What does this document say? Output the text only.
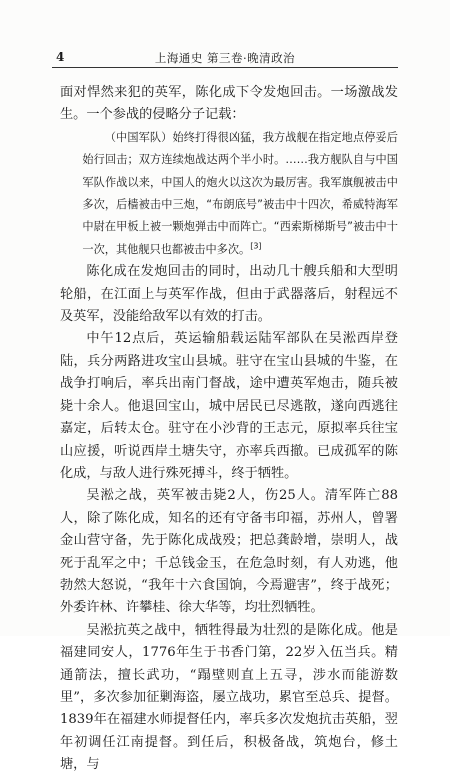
4	上海通史 第三卷·晚清政治

面对悍然来犯的英军，陈化成下令发炮回击。一场激战发生。一个参战的侵略分子记载：

（中国军队）始终打得很凶猛，我方战舰在指定地点停妥后始行回击；双方连续炮战达两个半小时。……我方舰队自与中国军队作战以来，中国人的炮火以这次为最厉害。我军旗舰被击中多次，后樯被击中三炮，“布朗底号”被击中十四次，希威特海军中尉在甲板上被一颗炮弹击中而阵亡。“西索斯梯斯号”被击中十一次，其他舰只也都被击中多次。[3]

陈化成在发炮回击的同时，出动几十艘兵船和大型明轮船，在江面上与英军作战，但由于武器落后，射程远不及英军，没能给敌军以有效的打击。

中午12点后，英运输船载运陆军部队在吴淞西岸登陆，兵分两路进攻宝山县城。驻守在宝山县城的牛鉴，在战争打响后，率兵出南门督战，途中遭英军炮击，随兵被毙十余人。他退回宝山，城中居民已尽逃散，遂向西逃往嘉定，后转太仓。驻守在小沙背的王志元，原拟率兵往宝山应援，听说西岸土塘失守，亦率兵西撤。已成孤军的陈化成，与敌人进行殊死搏斗，终于牺牲。

吴淞之战，英军被击毙2人，伤25人。清军阵亡88人，除了陈化成，知名的还有守备韦印福，苏州人，曾署金山营守备，先于陈化成战殁；把总龚龄增，崇明人，战死于乱军之中；千总钱金玉，在危急时刻，有人劝逃，他勃然大怒说，“我年十六食国饷，今焉避害”，终于战死；外委许林、许攀桂、徐大华等，均壮烈牺牲。

吴淞抗英之战中，牺牲得最为壮烈的是陈化成。他是福建同安人，1776年生于书香门第，22岁入伍当兵。精通箭法，擅长武功，“蹋壁则直上五寻，涉水而能游数里”，多次参加征剿海盗，屡立战功，累官至总兵、提督。1839年在福建水师提督任内，率兵多次发炮抗击英船，翌年初调任江南提督。到任后，积极备战，筑炮台，修土塘，与
